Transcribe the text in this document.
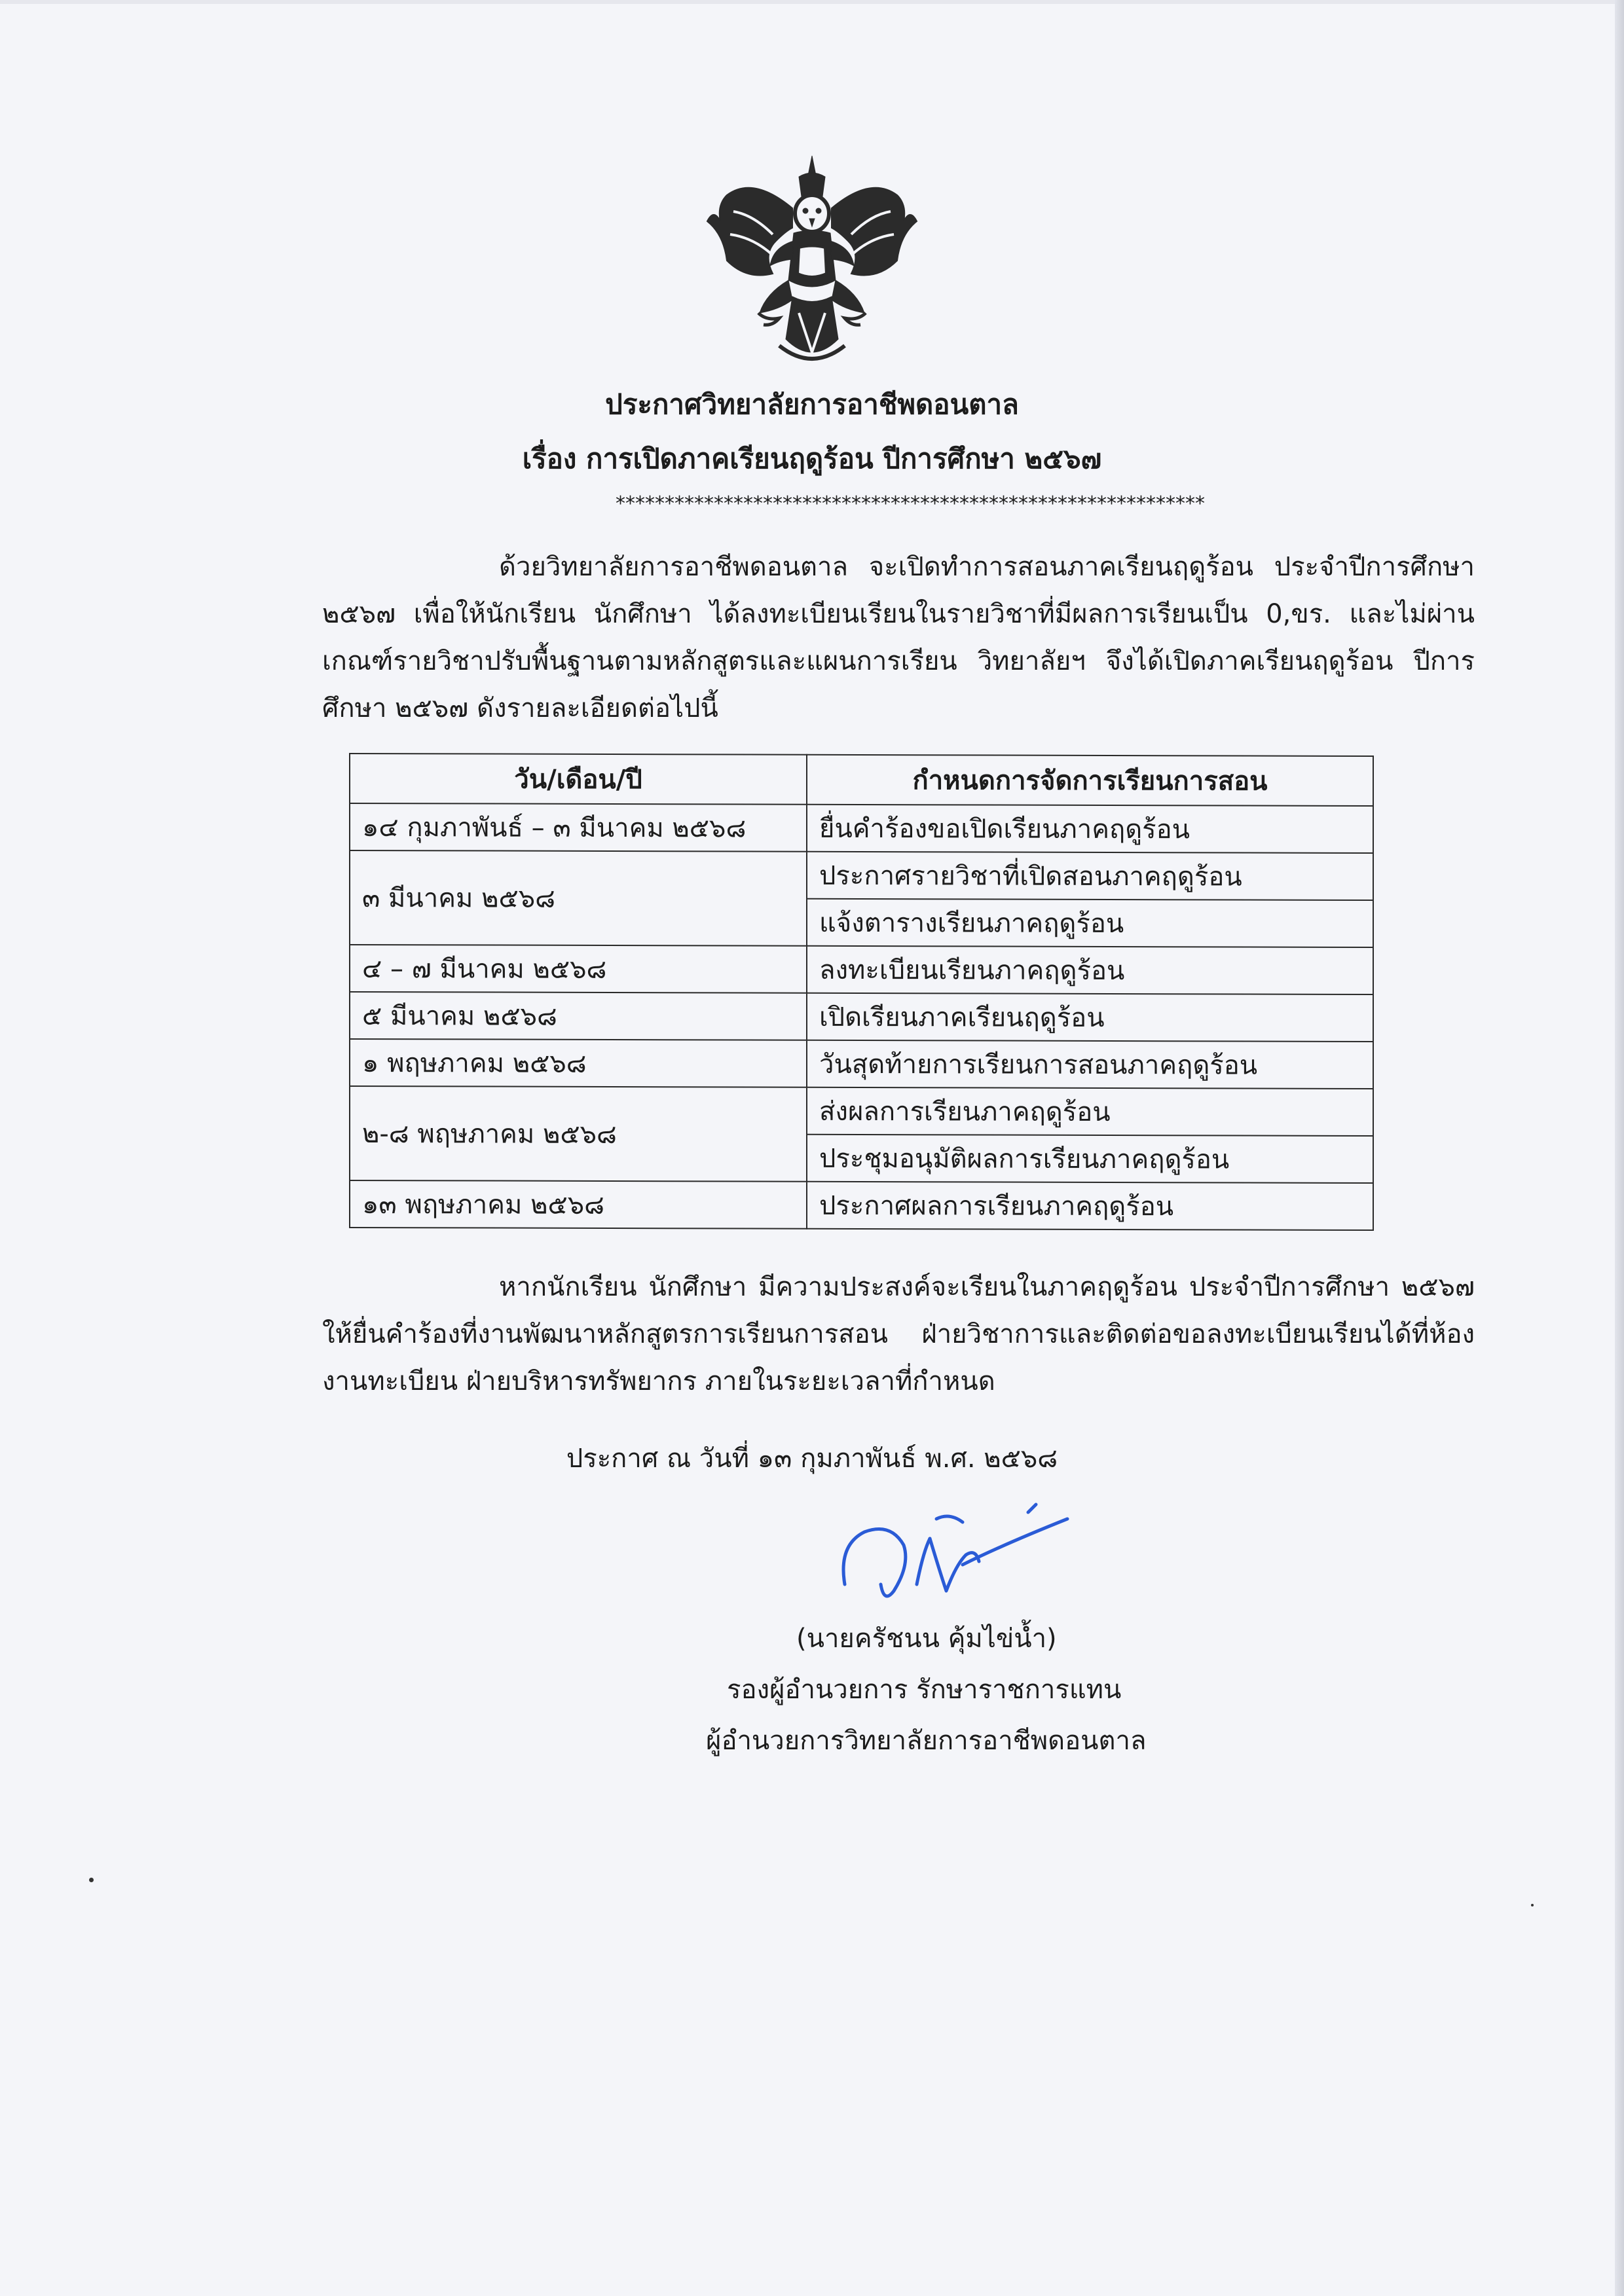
ประกาศวิทยาลัยการอาชีพดอนตาล
เรื่อง การเปิดภาคเรียนฤดูร้อน ปีการศึกษา ๒๕๖๗
************************************************************
ด้วยวิทยาลัยการอาชีพดอนตาล จะเปิดทำการสอนภาคเรียนฤดูร้อน ประจำปีการศึกษา ๒๕๖๗ เพื่อให้นักเรียน นักศึกษา ได้ลงทะเบียนเรียนในรายวิชาที่มีผลการเรียนเป็น 0,ขร. และไม่ผ่านเกณฑ์รายวิชาปรับพื้นฐานตามหลักสูตรและแผนการเรียน วิทยาลัยฯ จึงได้เปิดภาคเรียนฤดูร้อน ปีการศึกษา ๒๕๖๗ ดังรายละเอียดต่อไปนี้
วัน/เดือน/ปี	กำหนดการจัดการเรียนการสอน
๑๔ กุมภาพันธ์ – ๓ มีนาคม ๒๕๖๘	ยื่นคำร้องขอเปิดเรียนภาคฤดูร้อน
๓ มีนาคม ๒๕๖๘	ประกาศรายวิชาที่เปิดสอนภาคฤดูร้อน
	แจ้งตารางเรียนภาคฤดูร้อน
๔ – ๗ มีนาคม ๒๕๖๘	ลงทะเบียนเรียนภาคฤดูร้อน
๕ มีนาคม ๒๕๖๘	เปิดเรียนภาคเรียนฤดูร้อน
๑ พฤษภาคม ๒๕๖๘	วันสุดท้ายการเรียนการสอนภาคฤดูร้อน
๒-๘ พฤษภาคม ๒๕๖๘	ส่งผลการเรียนภาคฤดูร้อน
	ประชุมอนุมัติผลการเรียนภาคฤดูร้อน
๑๓ พฤษภาคม ๒๕๖๘	ประกาศผลการเรียนภาคฤดูร้อน
หากนักเรียน นักศึกษา มีความประสงค์จะเรียนในภาคฤดูร้อน ประจำปีการศึกษา ๒๕๖๗ ให้ยื่นคำร้องที่งานพัฒนาหลักสูตรการเรียนการสอน ฝ่ายวิชาการและติดต่อขอลงทะเบียนเรียนได้ที่ห้องงานทะเบียน ฝ่ายบริหารทรัพยากร ภายในระยะเวลาที่กำหนด
ประกาศ ณ วันที่ ๑๓ กุมภาพันธ์ พ.ศ. ๒๕๖๘
(นายครัชนน คุ้มไข่น้ำ)
รองผู้อำนวยการ รักษาราชการแทน
ผู้อำนวยการวิทยาลัยการอาชีพดอนตาล
